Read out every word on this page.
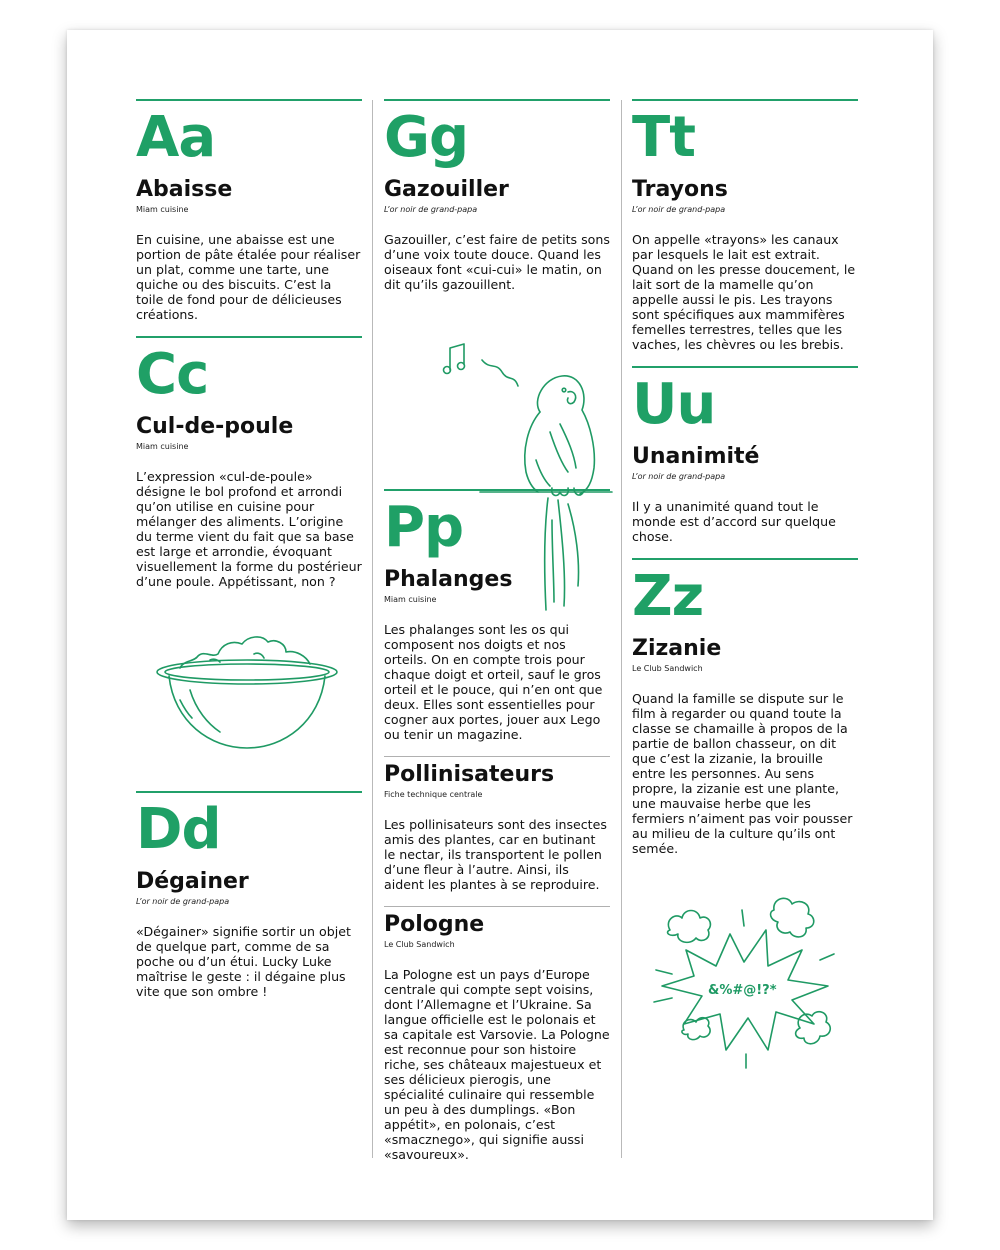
Aa
Abaisse
Miam cuisine
En cuisine, une abaisse est une portion de pâte étalée pour réaliser un plat, comme une tarte, une quiche ou des biscuits. C’est la toile de fond pour de délicieuses créations.
Cc
Cul-de-poule
Miam cuisine
L’expression «cul-de-poule» désigne le bol profond et arrondi qu’on utilise en cuisine pour mélanger des aliments. L’origine du terme vient du fait que sa base est large et arrondie, évoquant visuellement la forme du postérieur d’une poule. Appétissant, non ?
Dd
Dégainer
L’or noir de grand-papa
«Dégainer» signifie sortir un objet de quelque part, comme de sa poche ou d’un étui. Lucky Luke maîtrise le geste : il dégaine plus vite que son ombre !
Gg
Gazouiller
L’or noir de grand-papa
Gazouiller, c’est faire de petits sons d’une voix toute douce. Quand les oiseaux font «cui-cui» le matin, on dit qu’ils gazouillent.
Pp
Phalanges
Miam cuisine
Les phalanges sont les os qui composent nos doigts et nos orteils. On en compte trois pour chaque doigt et orteil, sauf le gros orteil et le pouce, qui n’en ont que deux. Elles sont essentielles pour cogner aux portes, jouer aux Lego ou tenir un magazine.
Pollinisateurs
Fiche technique centrale
Les pollinisateurs sont des insectes amis des plantes, car en butinant le nectar, ils transportent le pollen d’une fleur à l’autre. Ainsi, ils aident les plantes à se reproduire.
Pologne
Le Club Sandwich
La Pologne est un pays d’Europe centrale qui compte sept voisins, dont l’Allemagne et l’Ukraine. Sa langue officielle est le polonais et sa capitale est Varsovie. La Pologne est reconnue pour son histoire riche, ses châteaux majestueux et ses délicieux pierogis, une spécialité culinaire qui ressemble un peu à des dumplings. «Bon appétit», en polonais, c’est «smacznego», qui signifie aussi «savoureux».
Tt
Trayons
L’or noir de grand-papa
On appelle «trayons» les canaux par lesquels le lait est extrait. Quand on les presse doucement, le lait sort de la mamelle qu’on appelle aussi le pis. Les trayons sont spécifiques aux mammifères femelles terrestres, telles que les vaches, les chèvres ou les brebis.
Uu
Unanimité
L’or noir de grand-papa
Il y a unanimité quand tout le monde est d’accord sur quelque chose.
Zz
Zizanie
Le Club Sandwich
Quand la famille se dispute sur le film à regarder ou quand toute la classe se chamaille à propos de la partie de ballon chasseur, on dit que c’est la zizanie, la brouille entre les personnes. Au sens propre, la zizanie est une plante, une mauvaise herbe que les fermiers n’aiment pas voir pousser au milieu de la culture qu’ils ont semée.
&%#@!?*
